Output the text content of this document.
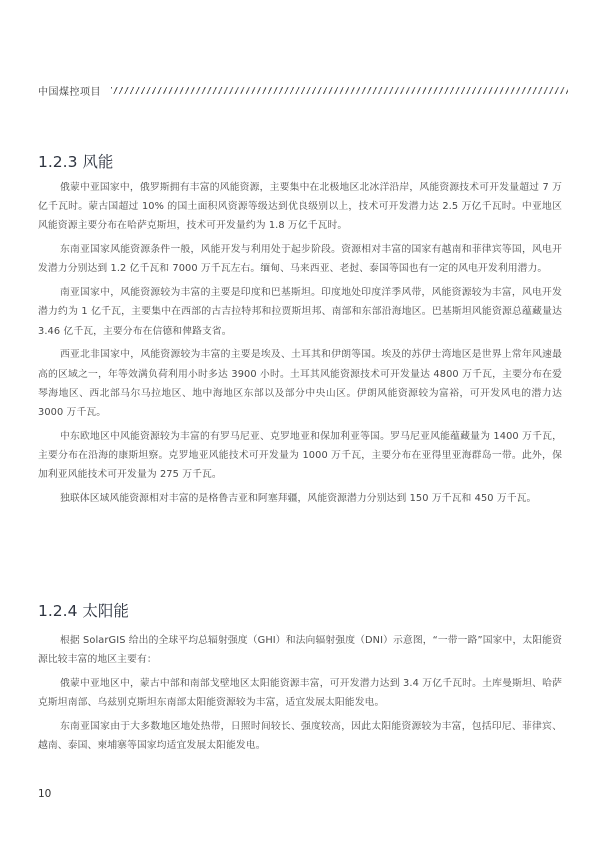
中国煤控项目
1.2.3 风能

俄蒙中亚国家中，俄罗斯拥有丰富的风能资源，主要集中在北极地区北冰洋沿岸，风能资源技术可开发量超过 7 万亿千瓦时。蒙古国超过 10% 的国土面积风资源等级达到优良级别以上，技术可开发潜力达 2.5 万亿千瓦时。中亚地区风能资源主要分布在哈萨克斯坦，技术可开发量约为 1.8 万亿千瓦时。

东南亚国家风能资源条件一般，风能开发与利用处于起步阶段。资源相对丰富的国家有越南和菲律宾等国，风电开发潜力分别达到 1.2 亿千瓦和 7000 万千瓦左右。缅甸、马来西亚、老挝、泰国等国也有一定的风电开发利用潜力。

南亚国家中，风能资源较为丰富的主要是印度和巴基斯坦。印度地处印度洋季风带，风能资源较为丰富，风电开发潜力约为 1 亿千瓦，主要集中在西部的古吉拉特邦和拉贾斯坦邦、南部和东部沿海地区。巴基斯坦风能资源总蕴藏量达 3.46 亿千瓦，主要分布在信德和俾路支省。

西亚北非国家中，风能资源较为丰富的主要是埃及、土耳其和伊朗等国。埃及的苏伊士湾地区是世界上常年风速最高的区域之一，年等效满负荷利用小时多达 3900 小时。土耳其风能资源技术可开发量达 4800 万千瓦，主要分布在爱琴海地区、西北部马尔马拉地区、地中海地区东部以及部分中央山区。伊朗风能资源较为富裕，可开发风电的潜力达 3000 万千瓦。

中东欧地区中风能资源较为丰富的有罗马尼亚、克罗地亚和保加利亚等国。罗马尼亚风能蕴藏量为 1400 万千瓦，主要分布在沿海的康斯坦察。克罗地亚风能技术可开发量为 1000 万千瓦，主要分布在亚得里亚海群岛一带。此外，保加利亚风能技术可开发量为 275 万千瓦。

独联体区域风能资源相对丰富的是格鲁吉亚和阿塞拜疆，风能资源潜力分别达到 150 万千瓦和 450 万千瓦。

1.2.4 太阳能

根据 SolarGIS 给出的全球平均总辐射强度（GHI）和法向辐射强度（DNI）示意图，“一带一路”国家中，太阳能资源比较丰富的地区主要有：

俄蒙中亚地区中，蒙古中部和南部戈壁地区太阳能资源丰富，可开发潜力达到 3.4 万亿千瓦时。土库曼斯坦、哈萨克斯坦南部、乌兹别克斯坦东南部太阳能资源较为丰富，适宜发展太阳能发电。

东南亚国家由于大多数地区地处热带，日照时间较长、强度较高，因此太阳能资源较为丰富，包括印尼、菲律宾、越南、泰国、柬埔寨等国家均适宜发展太阳能发电。

10
